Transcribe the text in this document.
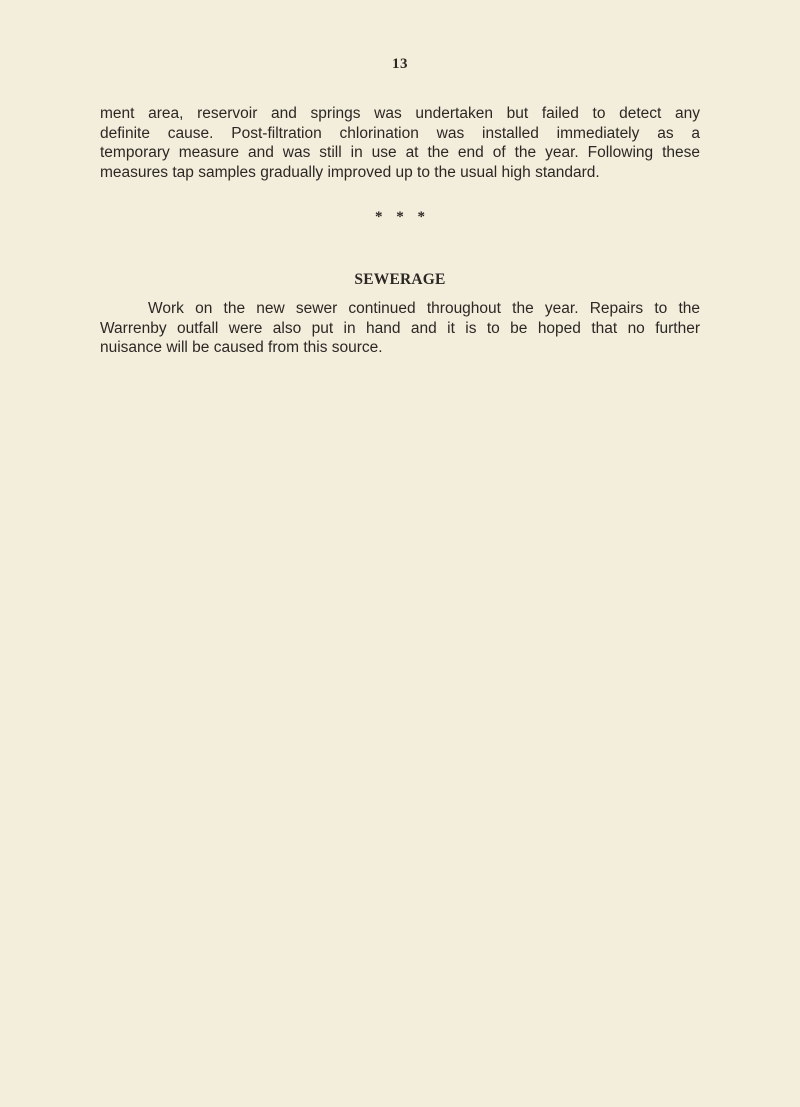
13

ment area, reservoir and springs was undertaken but failed to detect any
definite cause. Post-filtration chlorination was installed immediately as a
temporary measure and was still in use at the end of the year. Following these
measures tap samples gradually improved up to the usual high standard.

* * *
SEWERAGE

Work on the new sewer continued throughout the year. Repairs to the
Warrenby outfall were also put in hand and it is to be hoped that no further
nuisance will be caused from this source.
